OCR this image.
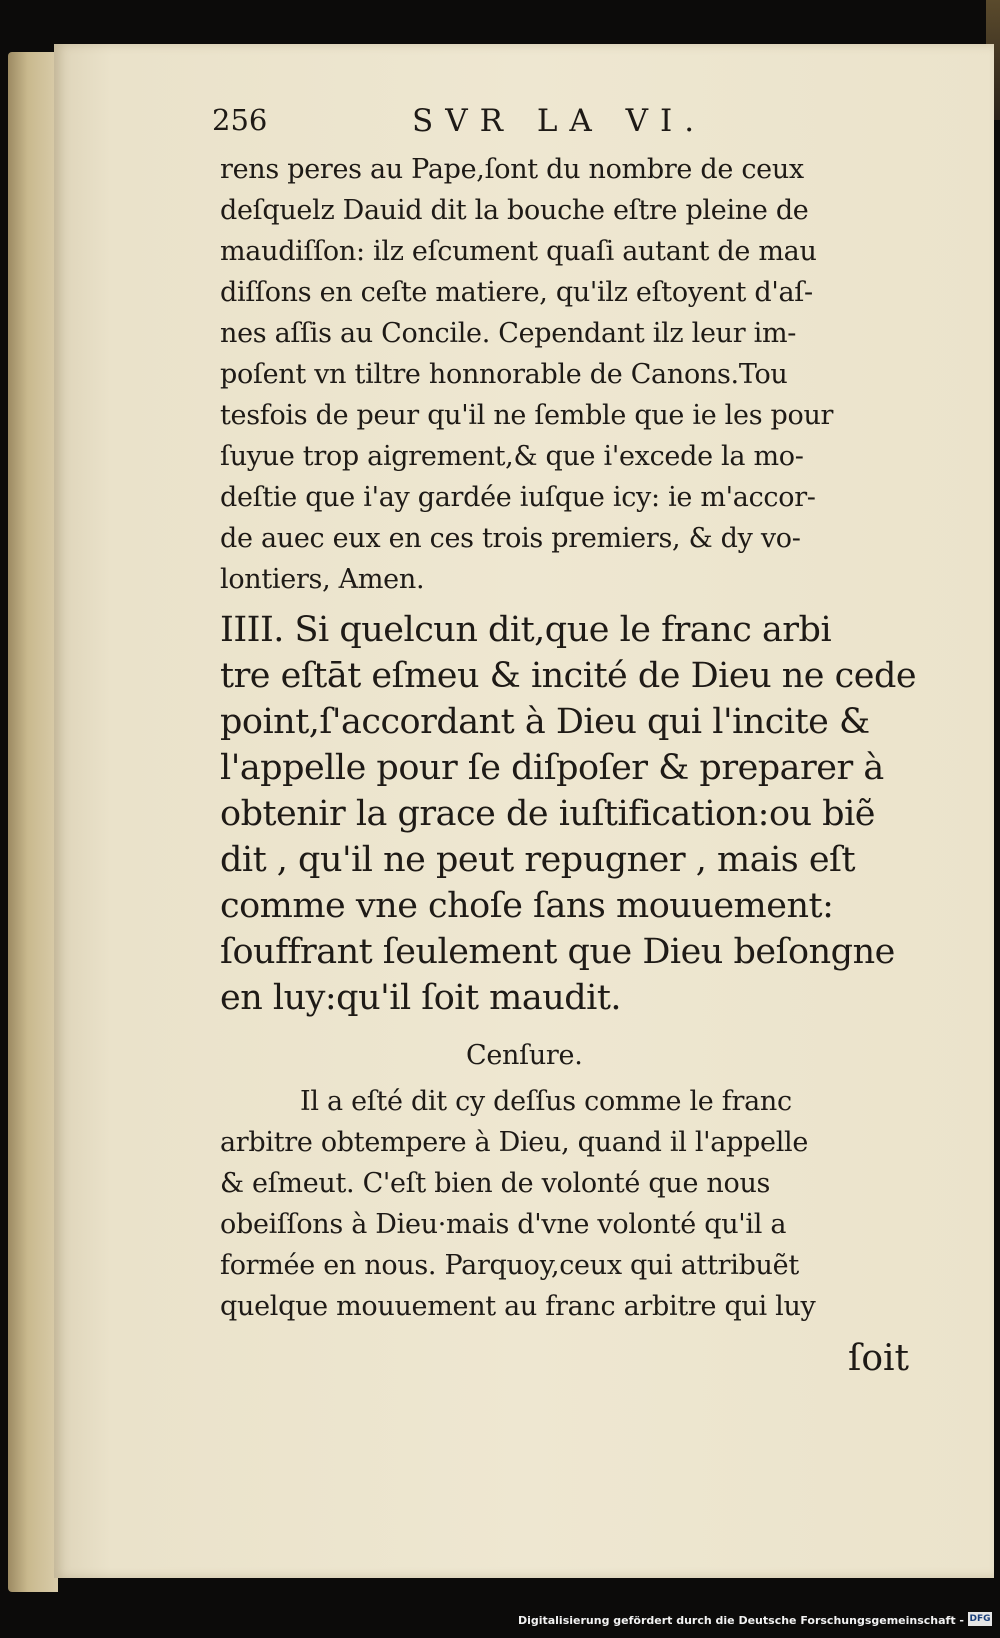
256	SVR LA VI.
rens peres au Pape,ſont du nombre de ceux
deſquelz Dauid dit la bouche eſtre pleine de
maudiſſon: ilz eſcument quaſi autant de mau
diſſons en ceſte matiere, qu'ilz eſtoyent d'aſ-
nes aſſis au Concile. Cependant ilz leur im-
poſent vn tiltre honnorable de Canons.Tou
tesfois de peur qu'il ne ſemble que ie les pour
ſuyue trop aigrement,& que i'excede la mo-
deſtie que i'ay gardée iuſque icy: ie m'accor-
de auec eux en ces trois premiers, & dy vo-
lontiers, Amen.
IIII. Si quelcun dit,que le franc arbi
tre eſtāt eſmeu & incité de Dieu ne cede
point,ſ'accordant à Dieu qui l'incite &
l'appelle pour ſe diſpoſer & preparer à
obtenir la grace de iuſtification:ou biẽ
dit , qu'il ne peut repugner , mais eſt
comme vne choſe ſans mouuement:
ſouffrant ſeulement que Dieu beſongne
en luy:qu'il ſoit maudit.
Cenſure.
Il a eſté dit cy deſſus comme le franc
arbitre obtempere à Dieu, quand il l'appelle
& eſmeut. C'eſt bien de volonté que nous
obeiſſons à Dieu·mais d'vne volonté qu'il a
formée en nous. Parquoy,ceux qui attribuẽt
quelque mouuement au franc arbitre qui luy
ſoit
Digitalisierung gefördert durch die Deutsche Forschungsgemeinschaft - DFG
